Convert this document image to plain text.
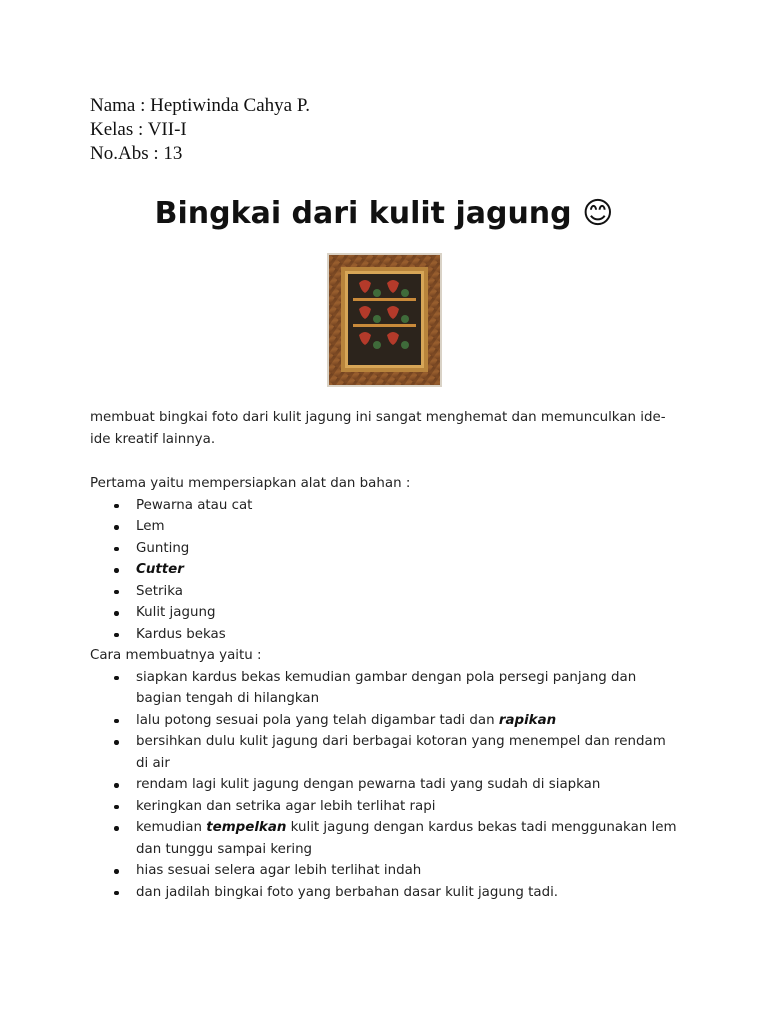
Nama : Heptiwinda Cahya P.
Kelas : VII-I
No.Abs : 13
Bingkai dari kulit jagung 😊

membuat bingkai foto dari kulit jagung ini sangat menghemat dan memunculkan ide-ide kreatif lainnya.

Pertama yaitu mempersiapkan alat dan bahan :

Pewarna atau cat
Lem
Gunting
Cutter
Setrika
Kulit jagung
Kardus bekas

Cara membuatnya yaitu :

siapkan kardus bekas kemudian gambar dengan pola persegi panjang dan bagian tengah di hilangkan
lalu potong sesuai pola yang telah digambar tadi dan rapikan
bersihkan dulu kulit jagung dari berbagai kotoran yang menempel dan rendam di air
rendam lagi kulit jagung dengan pewarna tadi yang sudah di siapkan
keringkan dan setrika agar lebih terlihat rapi
kemudian tempelkan kulit jagung dengan kardus bekas tadi menggunakan lem dan tunggu sampai kering
hias sesuai selera agar lebih terlihat indah
dan jadilah bingkai foto yang berbahan dasar kulit jagung tadi.
